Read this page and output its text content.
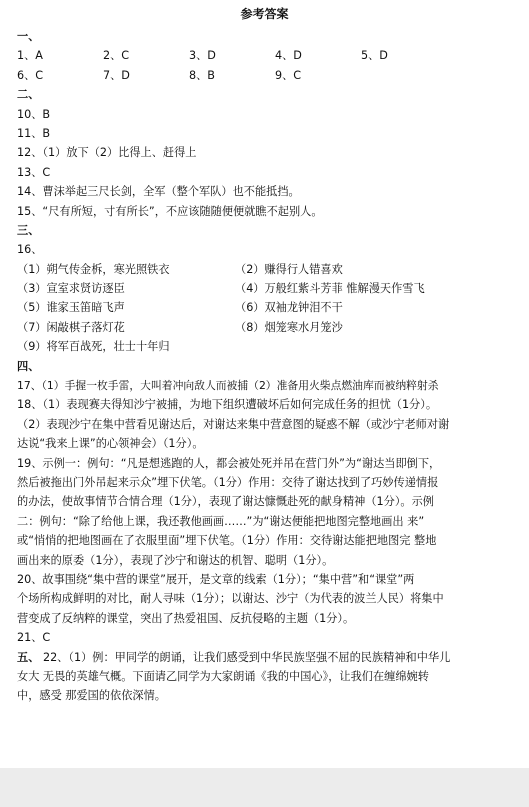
参考答案
一、
1、A	2、C	3、D	4、D	5、D
6、C	7、D	8、B	9、C
二、
10、B
11、B
12、（1）放下（2）比得上、赶得上
13、C
14、曹沫举起三尺长剑，全军（整个军队）也不能抵挡。
15、“尺有所短，寸有所长”，不应该随随便便就瞧不起别人。
三、
16、
（1）朔气传金柝，寒光照铁衣	（2）赚得行人错喜欢
（3）宣室求贤访逐臣	（4）万般红紫斗芳菲 惟解漫天作雪飞
（5）谁家玉笛暗飞声	（6）双袖龙钟泪不干
（7）闲敲棋子落灯花	（8）烟笼寒水月笼沙
（9）将军百战死，壮士十年归
四、
17、（1）手握一枚手雷，大叫着冲向敌人而被捕（2）准备用火柴点燃油库而被纳粹射杀
18、（1）表现赛夫得知沙宁被捕，为地下组织遭破坏后如何完成任务的担忧（1分）。
（2）表现沙宁在集中营看见谢达后，对谢达来集中营意图的疑惑不解（或沙宁老师对谢
达说“我来上课”的心领神会）（1分）。
19、示例一：例句：“凡是想逃跑的人，都会被处死并吊在营门外”为“谢达当即倒下，
然后被拖出门外吊起来示众”埋下伏笔。（1分）作用：交待了谢达找到了巧妙传递情报
的办法，使故事情节合情合理（1分），表现了谢达慷慨赴死的献身精神（1分）。示例
二：例句：“除了给他上课，我还教他画画……”为“谢达便能把地图完整地画出 来”
或“悄悄的把地图画在了衣服里面”埋下伏笔。（1分）作用：交待谢达能把地图完 整地
画出来的原委（1分），表现了沙宁和谢达的机智、聪明（1分）。
20、故事围绕“集中营的课堂”展开，是文章的线索（1分）；“集中营”和“课堂”两
个场所构成鲜明的对比，耐人寻味（1分）；以谢达、沙宁（为代表的波兰人民）将集中
营变成了反纳粹的课堂，突出了热爱祖国、反抗侵略的主题（1分）。
21、C
五、 22、（1）例：甲同学的朗诵，让我们感受到中华民族坚强不屈的民族精神和中华儿
女大 无畏的英雄气概。下面请乙同学为大家朗诵《我的中国心》，让我们在缠绵婉转
中，感受 那爱国的依依深情。
